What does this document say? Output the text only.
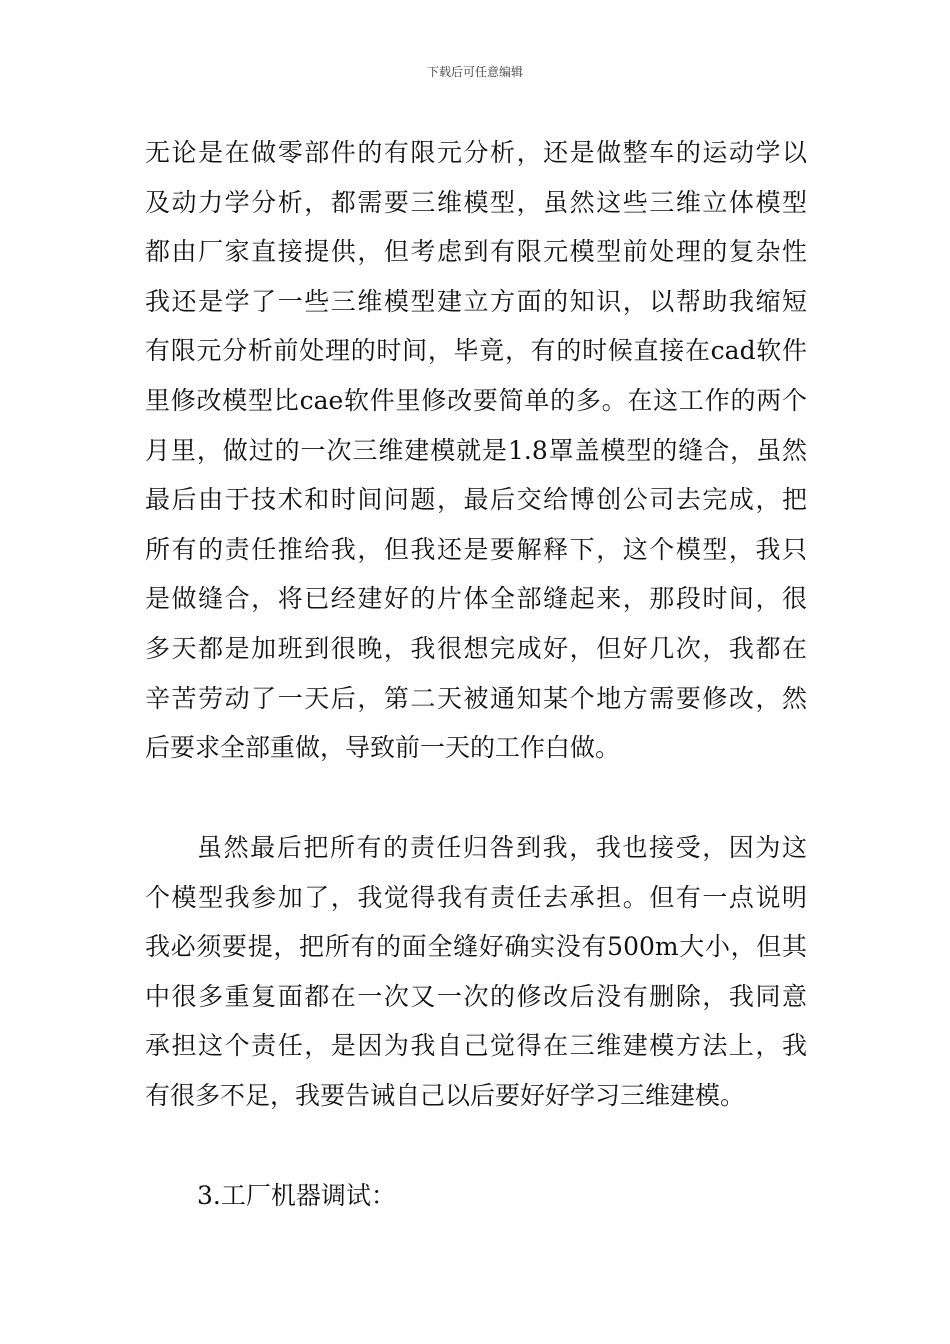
下载后可任意编辑

无论是在做零部件的有限元分析，还是做整车的运动学以
及动力学分析，都需要三维模型，虽然这些三维立体模型
都由厂家直接提供，但考虑到有限元模型前处理的复杂性
我还是学了一些三维模型建立方面的知识，以帮助我缩短
有限元分析前处理的时间，毕竟，有的时候直接在cad软件
里修改模型比cae软件里修改要简单的多。在这工作的两个
月里，做过的一次三维建模就是1.8罩盖模型的缝合，虽然
最后由于技术和时间问题，最后交给博创公司去完成，把
所有的责任推给我，但我还是要解释下，这个模型，我只
是做缝合，将已经建好的片体全部缝起来，那段时间，很
多天都是加班到很晚，我很想完成好，但好几次，我都在
辛苦劳动了一天后，第二天被通知某个地方需要修改，然
后要求全部重做，导致前一天的工作白做。

虽然最后把所有的责任归咎到我，我也接受，因为这
个模型我参加了，我觉得我有责任去承担。但有一点说明
我必须要提，把所有的面全缝好确实没有500m大小，但其
中很多重复面都在一次又一次的修改后没有删除，我同意
承担这个责任，是因为我自己觉得在三维建模方法上，我
有很多不足，我要告诫自己以后要好好学习三维建模。

3.工厂机器调试：
